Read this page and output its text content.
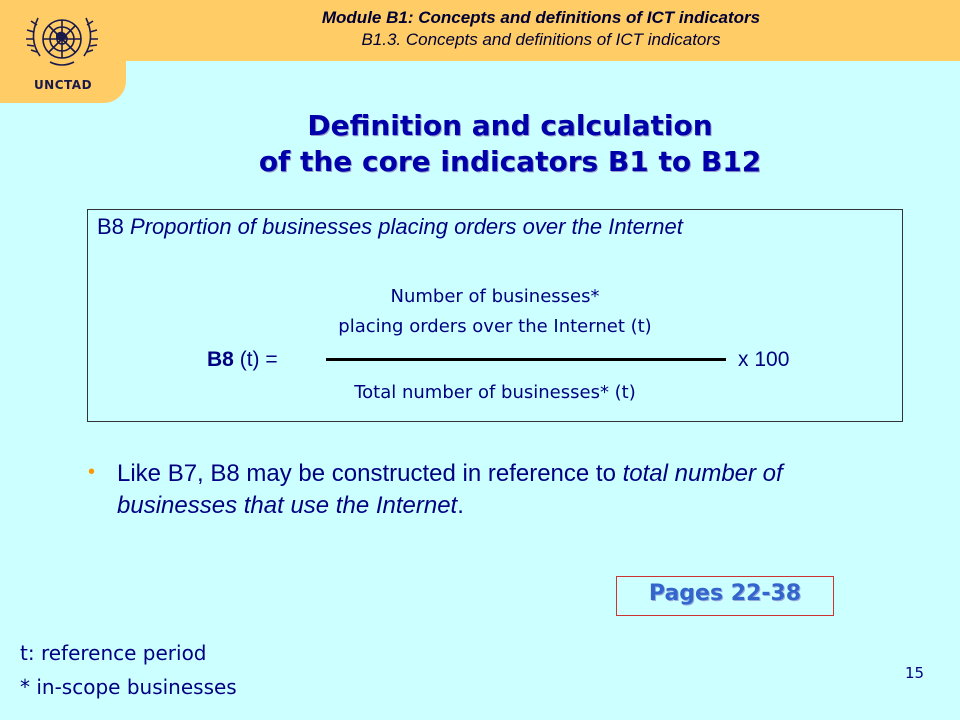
UNCTAD
Module B1: Concepts and definitions of ICT indicators
B1.3. Concepts and definitions of ICT indicators
Definition and calculation
of the core indicators B1 to B12
B8 Proportion of businesses placing orders over the Internet
Number of businesses*
placing orders over the Internet (t)
B8 (t) =	x 100
Total number of businesses* (t)
• Like B7, B8 may be constructed in reference to total number of businesses that use the Internet.
Pages 22-38
t: reference period
* in-scope businesses
15
